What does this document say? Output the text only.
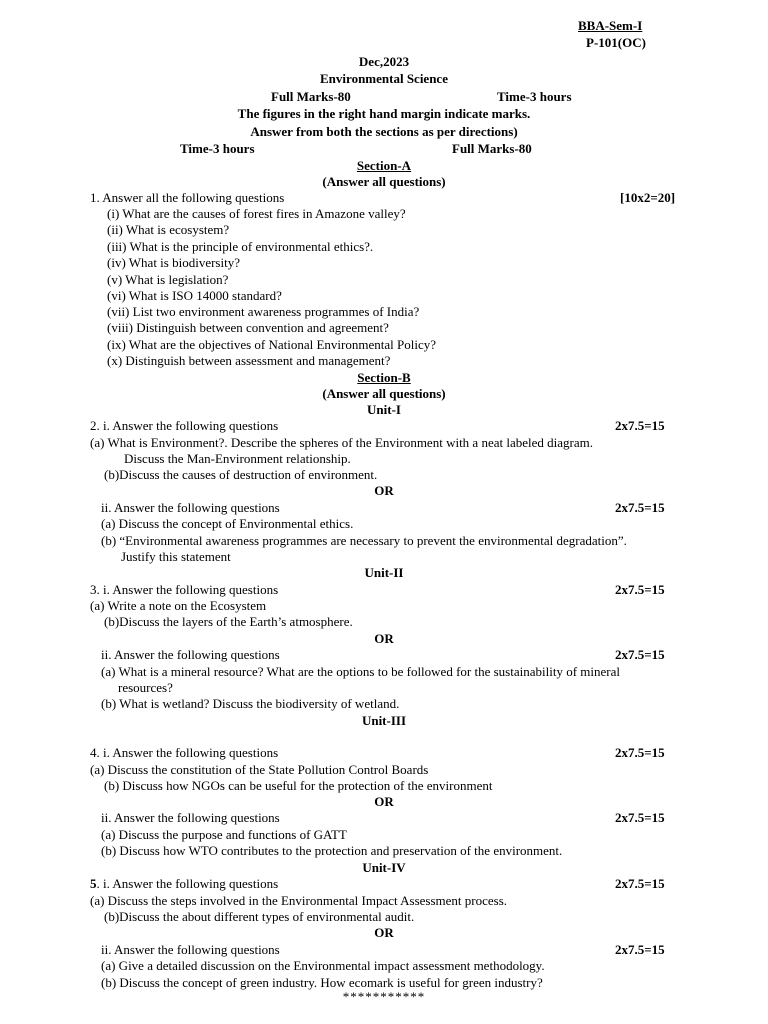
BBA-Sem-I
P-101(OC)
Dec,2023
Environmental Science
Full Marks-80	Time-3 hours
The figures in the right hand margin indicate marks.
Answer from both the sections as per directions)
Time-3 hours	Full Marks-80
Section-A
(Answer all questions)
1. Answer all the following questions	[10x2=20]
(i) What are the causes of forest fires in Amazone valley?
(ii) What is ecosystem?
(iii) What is the principle of environmental ethics?.
(iv) What is biodiversity?
(v) What is legislation?
(vi) What is ISO 14000 standard?
(vii) List two environment awareness programmes of India?
(viii) Distinguish between convention and agreement?
(ix) What are the objectives of National Environmental Policy?
(x) Distinguish between assessment and management?
Section-B
(Answer all questions)
Unit-I
2. i. Answer the following questions	2x7.5=15
(a) What is Environment?. Describe the spheres of the Environment with a neat labeled diagram.
Discuss the Man-Environment relationship.
(b)Discuss the causes of destruction of environment.
OR
ii. Answer the following questions	2x7.5=15
(a) Discuss the concept of Environmental ethics.
(b) “Environmental awareness programmes are necessary to prevent the environmental degradation”.
Justify this statement
Unit-II
3. i. Answer the following questions	2x7.5=15
(a) Write a note on the Ecosystem
(b)Discuss the layers of the Earth’s atmosphere.
OR
ii. Answer the following questions	2x7.5=15
(a) What is a mineral resource? What are the options to be followed for the sustainability of mineral
resources?
(b) What is wetland? Discuss the biodiversity of wetland.
Unit-III
4. i. Answer the following questions	2x7.5=15
(a) Discuss the constitution of the State Pollution Control Boards
(b) Discuss how NGOs can be useful for the protection of the environment
OR
ii. Answer the following questions	2x7.5=15
(a) Discuss the purpose and functions of GATT
(b) Discuss how WTO contributes to the protection and preservation of the environment.
Unit-IV
5. i. Answer the following questions	2x7.5=15
(a) Discuss the steps involved in the Environmental Impact Assessment process.
(b)Discuss the about different types of environmental audit.
OR
ii. Answer the following questions	2x7.5=15
(a) Give a detailed discussion on the Environmental impact assessment methodology.
(b) Discuss the concept of green industry. How ecomark is useful for green industry?
***********
